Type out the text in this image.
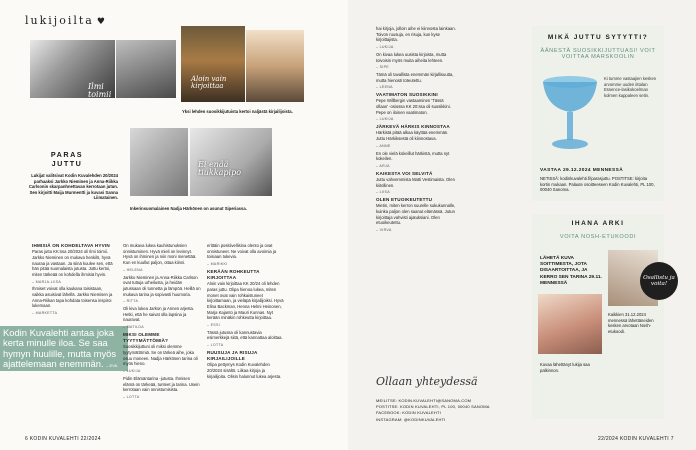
lukijoilta ♥
Ilmi toimii
Aloin vain kirjoittaa
Yksi lehden suosikkijutuista kertoi naljästä kirjailijoista.
PARAS JUTTU
Lukijat valitsivat Kodin Kuvalehden 20/2024 parhaaksi Jarkko Nieminen ja Anna-Riikka Carlsonin skarpanhnettavan kerrotaan jutun. Sen kirjoitti Maija Murmentti ja kuvasi Sanna Liimatainen.
Ei enää tiukkapipo
Inkerinsuomalainen Nadja Härkönen on asunut Siperiassa.
IHMISIÄ ON KOHDELTAVA HYVIN

Paras juttu KK:ssa 20/2024 oli Ilmi toimii. Jarkko Nieminen on mukava henkilö, hyvä nauraa ja vastaan. Ja siinä kuulee sen, että hän pitää suomalaista jutusta. Juttu kertoi, miten tärkeää on kohdella ihmisiä hyvin.

– MARJA-LIISA

Ihmiset voivat olla kaukana toisistaan, vaikka asuisivat lähellä. Jarkko Niemisen ja Anna-Riikan tapa kohdata toisensa inspiroi lukemaan.

– MARKETTA

Kodin Kuvalehti antaa joka kerta minulle iloa. Se saa hymyn huulille, mutta myös ajattelemaan enemmän. – EVA

On mukava lukea kauhistunuksien onnistuminen. Hyvä mieli on levinnyt. Hyvä on ihminen ja niin moni menettää. Kun en kuullut paljon, ottaa kiinni.

– HELENA

Jarkko Nieminen ja Anna-Riikka Carlson ovat tuttuja urheilusta, ja heidän jutussaan oli tunnetta ja lämpöä. Heillä on mukava tarina ja sopivasti huumoria.

– RITTA

Oli kiva lukea Jarkon ja Annen arjesta. Hetki, että he saivat olla lapsina ja nauravat.

– MATILDA

MIKSI OLEMME TYYTYMÄTTÖMIÄ?

Suosikkijuttuni oli miksi olemme tyytymättömiä. Se on tärkeä aihe, joka osuu moneen. Nadja Härkösen tarina oli myös hieno.

– LUKIJA

Pidin Elämäntarina -jutusta. Ihmisen elämä on tärkeää, tunteet ja tarina. Usein kerrotaan vain onnistumisista.

– LOTTA

erittäin positiivellisina olento ja ovat onnistuneet. Ne voivat olla avoimia ja toisiaan tukevia.

– MARIKKI

KERÄÄN ROHKEUTTA KIRJOITTAA

Aloin vain kirjoittaa KK 20/24 oli lehden paras juttu. Olipa hienoa lukea, miten monet ovat vain rohkaistuneet kirjoittamaan, ja vieläpä kirjailijoiksi. Hyvä Elina Backman, Henna Helmi Heinonen, Marja Kajanto ja Mauri Kunnas. Nyt kerään minäkin rohkeutta kirjoittaa.

– ESSI

Tässä jutussa oli kannustavia esimerkkejä siitä, että kannattaa aloittaa.

– LOTTA

RUUSUJA JA RISUJA KIRJAILIJOILLE

Olipa pettymys Kodin Kuvalehden 20/2024 sisältö. Liikaa kirjoja ja kirjailijoita. Olisin halunnut lukea arjesta.

6 KODIN KUVALEHTI 22/2024

hai kirjoja, jolloin aihe ei kiinnosta lainkaan. Toivon ruusuja, en risuja, kun kyse kirjoittajista.

– LUKIJA

On kivaa lukea uusista kirjoista, mutta toivoisin myös muita aiheita lehteen.

– SIPE

Tämä oli tavallista enemmän kirjallisuutta, mutta hienosti toteutettu.

– LEENA

VAATIMATON SUOSIKKINI

Pepe Willbergin vastaaminen 'Tässä ollaan' -osiossa KK 20:ssa oli suosikkini. Pepe on iloinen vaatimaton.

– LUKIJA

JÄRKEVÄ HÄRKIS KINNOSTAA

Härkistä pitää alkaa käyttää enemmän. Juttu Härkiksestä oli kiinnostava.

– ANNE

En ole vielä kokeillut härkistä, mutta nyt kokeilen.

– ARJA

KAIKESTA VOI SELVITÄ

Juttu vahvemmista Matti Vestimaista. Olen kiitollinen.

– LIISA

OLEN ETUOIKEUTETTU

Mietin, miten kerron suurelle sukukunnalle, kuinka paljon olen saanut elämässä. Jutun kirjoittaja vahvisti ajatuksiani. Olen etuoikeutettu.

– VIRVA

Ollaan yhteydessä
MEILITSE: KODIN.KUVALEHTI@SANOMA.COM
POSTITSE: KODIN KUVALEHTI, PL 100, 00040 SANOMA
FACEBOOK: KODIN KUVALEHTI
INSTAGRAM: @KODINKUVALEHTI
MIKÄ JUTTU SYTYTTI?
ÄÄNESTÄ SUOSIKKIJUTTUASI! VOIT VOITTAA MARSKOOLIN
Ki tumme vastaajien kesken arvomme uuden iittalan Essence-lasikokoelman kolmen kappaleen setin.
VASTAA 29.12.2024 MENNESSÄ
NETISSÄ: kodinkuvalehti.fi/parasjuttu. POSTITSE: kirjoita kortin mukaan. Palaute osoitteeseen Kodin Kuvalehti, PL 100, 00040 Sanoma.
IHANA ARKI
VOITA NOSH-ETUKOODI
LÄHETÄ KUVA SOITTIMESTA, JOTA DISAARTOITTAA, JA KERRO SEN TARINA 29.11. MENNESSÄ
Kuvaa lähettänyt lukija saa palkinnon.
Kaikkien 31.12.2024 mennessä lähettäneiden kesken arvotaan Nosh-etukoodi.
Osallistu ja voita!
22/2024 KODIN KUVALEHTI 7
